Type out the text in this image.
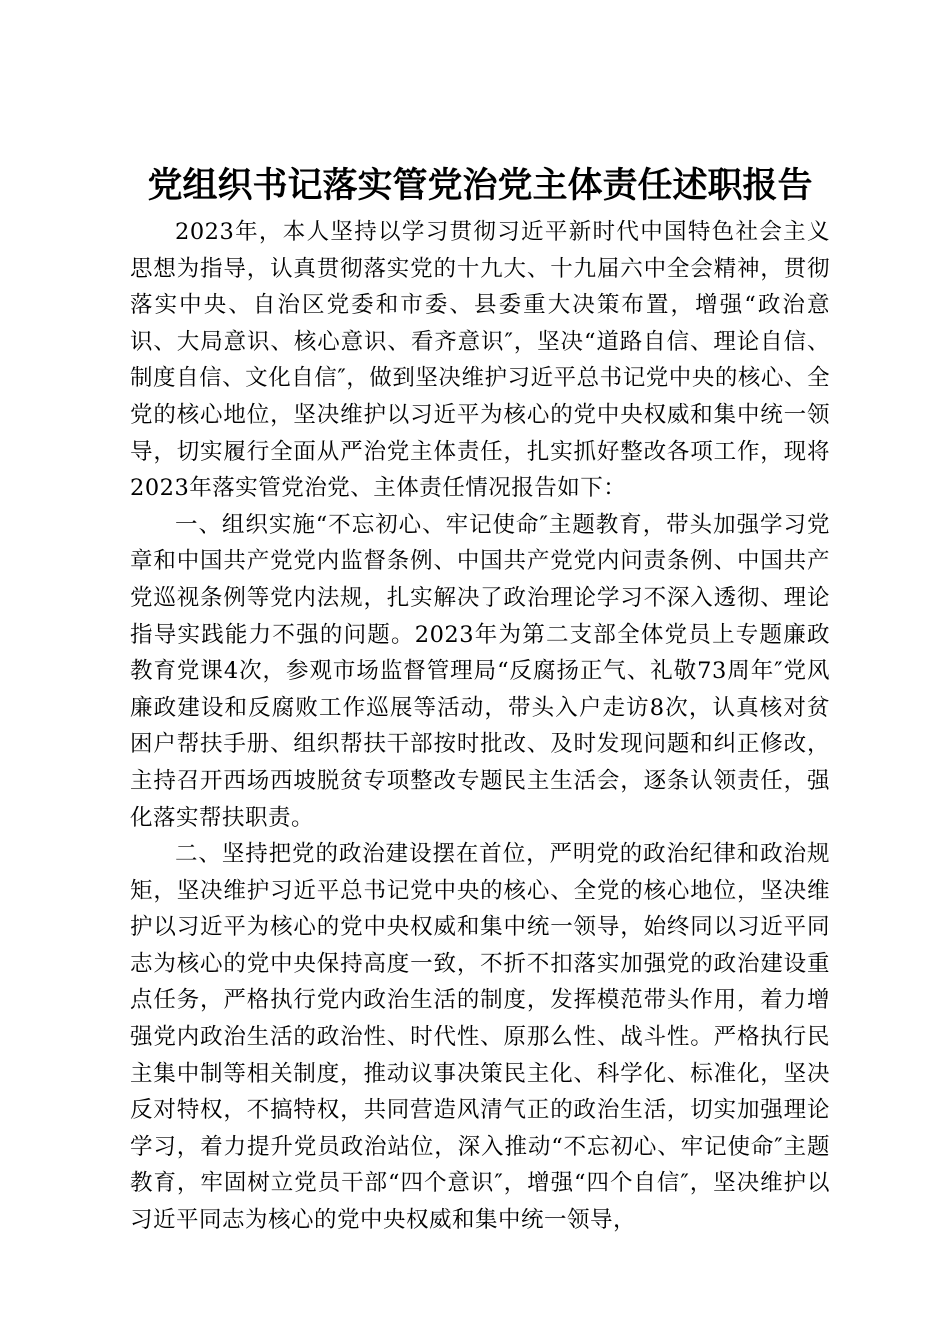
党组织书记落实管党治党主体责任述职报告

2023年，本人坚持以学习贯彻习近平新时代中国特色社会主义思想为指导，认真贯彻落实党的十九大、十九届六中全会精神，贯彻落实中央、自治区党委和市委、县委重大决策布置，增强“政治意识、大局意识、核心意识、看齐意识″，坚决“道路自信、理论自信、制度自信、文化自信″，做到坚决维护习近平总书记党中央的核心、全党的核心地位，坚决维护以习近平为核心的党中央权威和集中统一领导，切实履行全面从严治党主体责任，扎实抓好整改各项工作，现将2023年落实管党治党、主体责任情况报告如下：

一、组织实施“不忘初心、牢记使命″主题教育，带头加强学习党章和中国共产党党内监督条例、中国共产党党内问责条例、中国共产党巡视条例等党内法规，扎实解决了政治理论学习不深入透彻、理论指导实践能力不强的问题。2023年为第二支部全体党员上专题廉政教育党课4次，参观市场监督管理局“反腐扬正气、礼敬73周年″党风廉政建设和反腐败工作巡展等活动，带头入户走访8次，认真核对贫困户帮扶手册、组织帮扶干部按时批改、及时发现问题和纠正修改，主持召开西场西坡脱贫专项整改专题民主生活会，逐条认领责任，强化落实帮扶职责。

二、坚持把党的政治建设摆在首位，严明党的政治纪律和政治规矩，坚决维护习近平总书记党中央的核心、全党的核心地位，坚决维护以习近平为核心的党中央权威和集中统一领导，始终同以习近平同志为核心的党中央保持高度一致，不折不扣落实加强党的政治建设重点任务，严格执行党内政治生活的制度，发挥模范带头作用，着力增强党内政治生活的政治性、时代性、原那么性、战斗性。严格执行民主集中制等相关制度，推动议事决策民主化、科学化、标准化，坚决反对特权，不搞特权，共同营造风清气正的政治生活，切实加强理论学习，着力提升党员政治站位，深入推动“不忘初心、牢记使命″主题教育，牢固树立党员干部“四个意识″，增强“四个自信″，坚决维护以习近平同志为核心的党中央权威和集中统一领导，
